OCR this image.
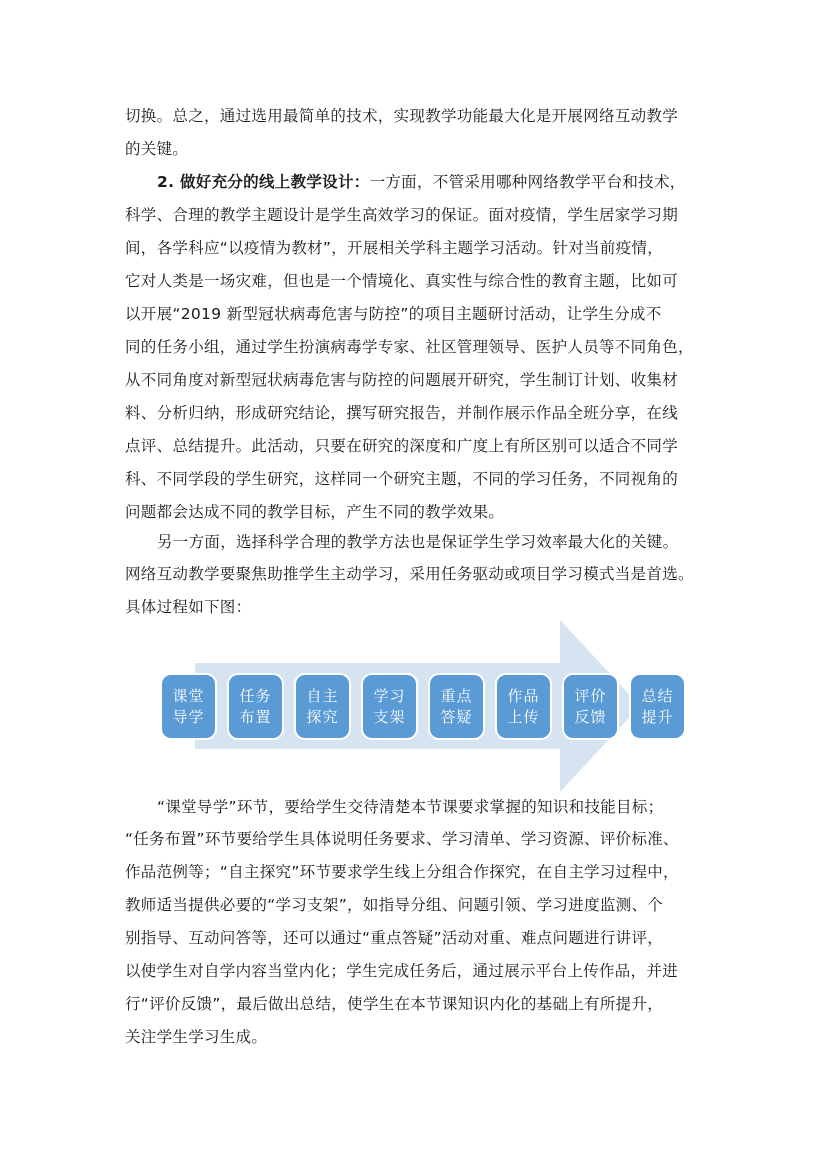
切换。总之，通过选用最简单的技术，实现教学功能最大化是开展网络互动教学
的关键。
2. 做好充分的线上教学设计：一方面，不管采用哪种网络教学平台和技术，
科学、合理的教学主题设计是学生高效学习的保证。面对疫情，学生居家学习期
间，各学科应“以疫情为教材”，开展相关学科主题学习活动。针对当前疫情，
它对人类是一场灾难，但也是一个情境化、真实性与综合性的教育主题，比如可
以开展“2019 新型冠状病毒危害与防控”的项目主题研讨活动，让学生分成不
同的任务小组，通过学生扮演病毒学专家、社区管理领导、医护人员等不同角色，
从不同角度对新型冠状病毒危害与防控的问题展开研究，学生制订计划、收集材
料、分析归纳，形成研究结论，撰写研究报告，并制作展示作品全班分享，在线
点评、总结提升。此活动，只要在研究的深度和广度上有所区别可以适合不同学
科、不同学段的学生研究，这样同一个研究主题，不同的学习任务，不同视角的
问题都会达成不同的教学目标，产生不同的教学效果。
另一方面，选择科学合理的教学方法也是保证学生学习效率最大化的关键。
网络互动教学要聚焦助推学生主动学习，采用任务驱动或项目学习模式当是首选。
具体过程如下图：
课堂
导学
任务
布置
自主
探究
学习
支架
重点
答疑
作品
上传
评价
反馈
总结
提升
“课堂导学”环节，要给学生交待清楚本节课要求掌握的知识和技能目标；
“任务布置”环节要给学生具体说明任务要求、学习清单、学习资源、评价标准、
作品范例等；“自主探究”环节要求学生线上分组合作探究，在自主学习过程中，
教师适当提供必要的“学习支架”，如指导分组、问题引领、学习进度监测、个
别指导、互动问答等，还可以通过“重点答疑”活动对重、难点问题进行讲评，
以使学生对自学内容当堂内化；学生完成任务后，通过展示平台上传作品，并进
行“评价反馈”，最后做出总结，使学生在本节课知识内化的基础上有所提升，
关注学生学习生成。
